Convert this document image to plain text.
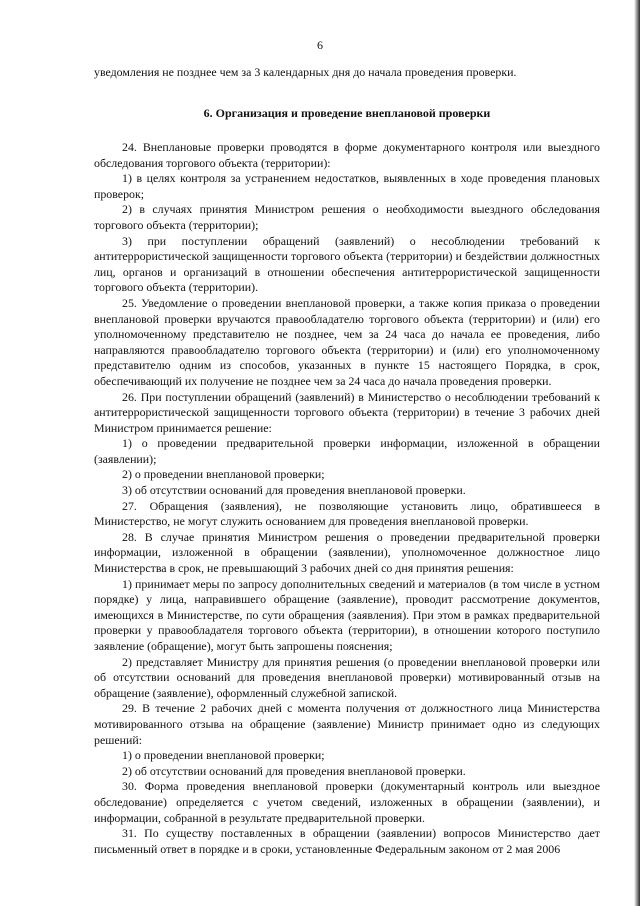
6
уведомления не позднее чем за 3 календарных дня до начала проведения проверки.
6. Организация и проведение внеплановой проверки

24. Внеплановые проверки проводятся в форме документарного контроля или выездного обследования торгового объекта (территории):

1) в целях контроля за устранением недостатков, выявленных в ходе проведения плановых проверок;

2) в случаях принятия Министром решения о необходимости выездного обследования торгового объекта (территории);

3) при поступлении обращений (заявлений) о несоблюдении требований к антитеррористической защищенности торгового объекта (территории) и бездействии должностных лиц, органов и организаций в отношении обеспечения антитеррористической защищенности торгового объекта (территории).

25. Уведомление о проведении внеплановой проверки, а также копия приказа о проведении внеплановой проверки вручаются правообладателю торгового объекта (территории) и (или) его уполномоченному представителю не позднее, чем за 24 часа до начала ее проведения, либо направляются правообладателю торгового объекта (территории) и (или) его уполномоченному представителю одним из способов, указанных в пункте 15 настоящего Порядка, в срок, обеспечивающий их получение не позднее чем за 24 часа до начала проведения проверки.

26. При поступлении обращений (заявлений) в Министерство о несоблюдении требований к антитеррористической защищенности торгового объекта (территории) в течение 3 рабочих дней Министром принимается решение:

1) о проведении предварительной проверки информации, изложенной в обращении (заявлении);

2) о проведении внеплановой проверки;

3) об отсутствии оснований для проведения внеплановой проверки.

27. Обращения (заявления), не позволяющие установить лицо, обратившееся в Министерство, не могут служить основанием для проведения внеплановой проверки.

28. В случае принятия Министром решения о проведении предварительной проверки информации, изложенной в обращении (заявлении), уполномоченное должностное лицо Министерства в срок, не превышающий 3 рабочих дней со дня принятия решения:

1) принимает меры по запросу дополнительных сведений и материалов (в том числе в устном порядке) у лица, направившего обращение (заявление), проводит рассмотрение документов, имеющихся в Министерстве, по сути обращения (заявления). При этом в рамках предварительной проверки у правообладателя торгового объекта (территории), в отношении которого поступило заявление (обращение), могут быть запрошены пояснения;

2) представляет Министру для принятия решения (о проведении внеплановой проверки или об отсутствии оснований для проведения внеплановой проверки) мотивированный отзыв на обращение (заявление), оформленный служебной запиской.

29. В течение 2 рабочих дней с момента получения от должностного лица Министерства мотивированного отзыва на обращение (заявление) Министр принимает одно из следующих решений:

1) о проведении внеплановой проверки;

2) об отсутствии оснований для проведения внеплановой проверки.

30. Форма проведения внеплановой проверки (документарный контроль или выездное обследование) определяется с учетом сведений, изложенных в обращении (заявлении), и информации, собранной в результате предварительной проверки.

31. По существу поставленных в обращении (заявлении) вопросов Министерство дает письменный ответ в порядке и в сроки, установленные Федеральным законом от 2 мая 2006
